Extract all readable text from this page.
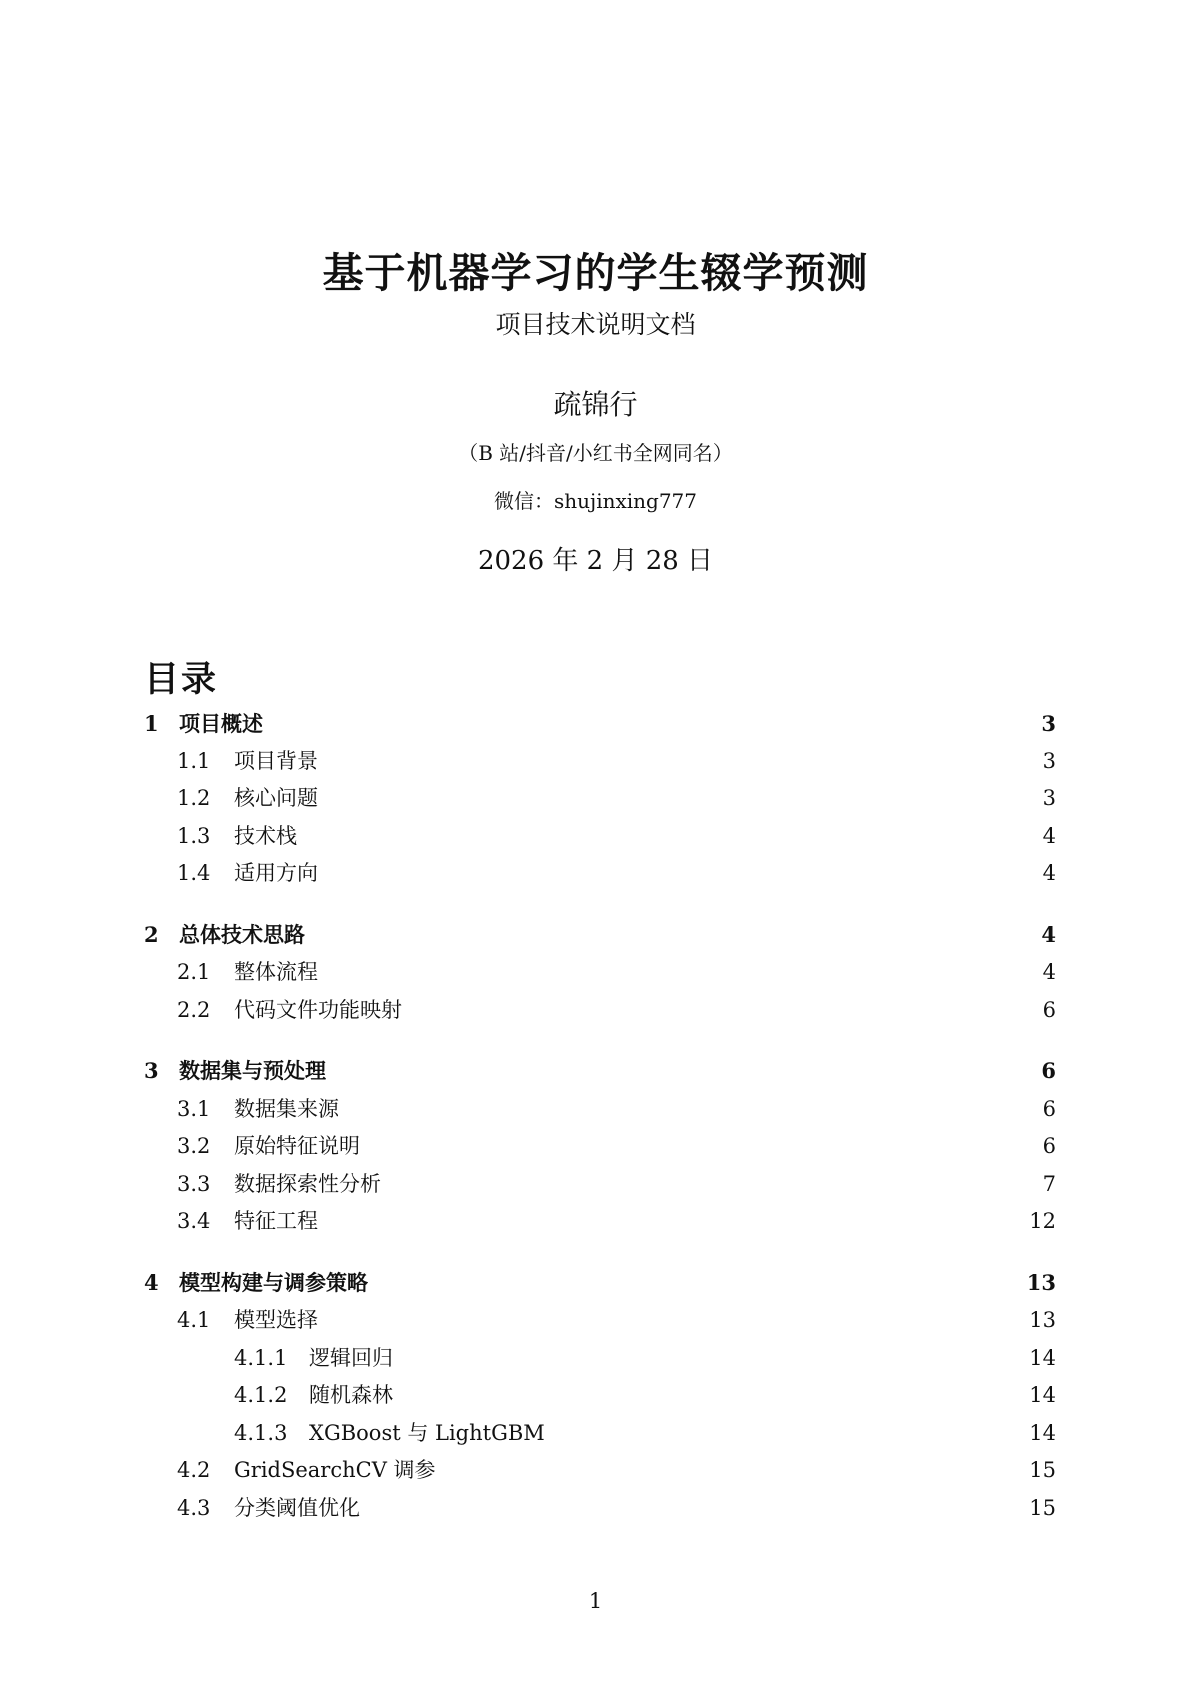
基于机器学习的学生辍学预测
项目技术说明文档
疏锦行
（B 站/抖音/小红书全网同名）
微信：shujinxing777
2026 年 2 月 28 日
目录
1 项目概述	3
1.1 项目背景	3
1.2 核心问题	3
1.3 技术栈	4
1.4 适用方向	4
2 总体技术思路	4
2.1 整体流程	4
2.2 代码文件功能映射	6
3 数据集与预处理	6
3.1 数据集来源	6
3.2 原始特征说明	6
3.3 数据探索性分析	7
3.4 特征工程	12
4 模型构建与调参策略	13
4.1 模型选择	13
4.1.1 逻辑回归	14
4.1.2 随机森林	14
4.1.3 XGBoost 与 LightGBM	14
4.2 GridSearchCV 调参	15
4.3 分类阈值优化	15
1
